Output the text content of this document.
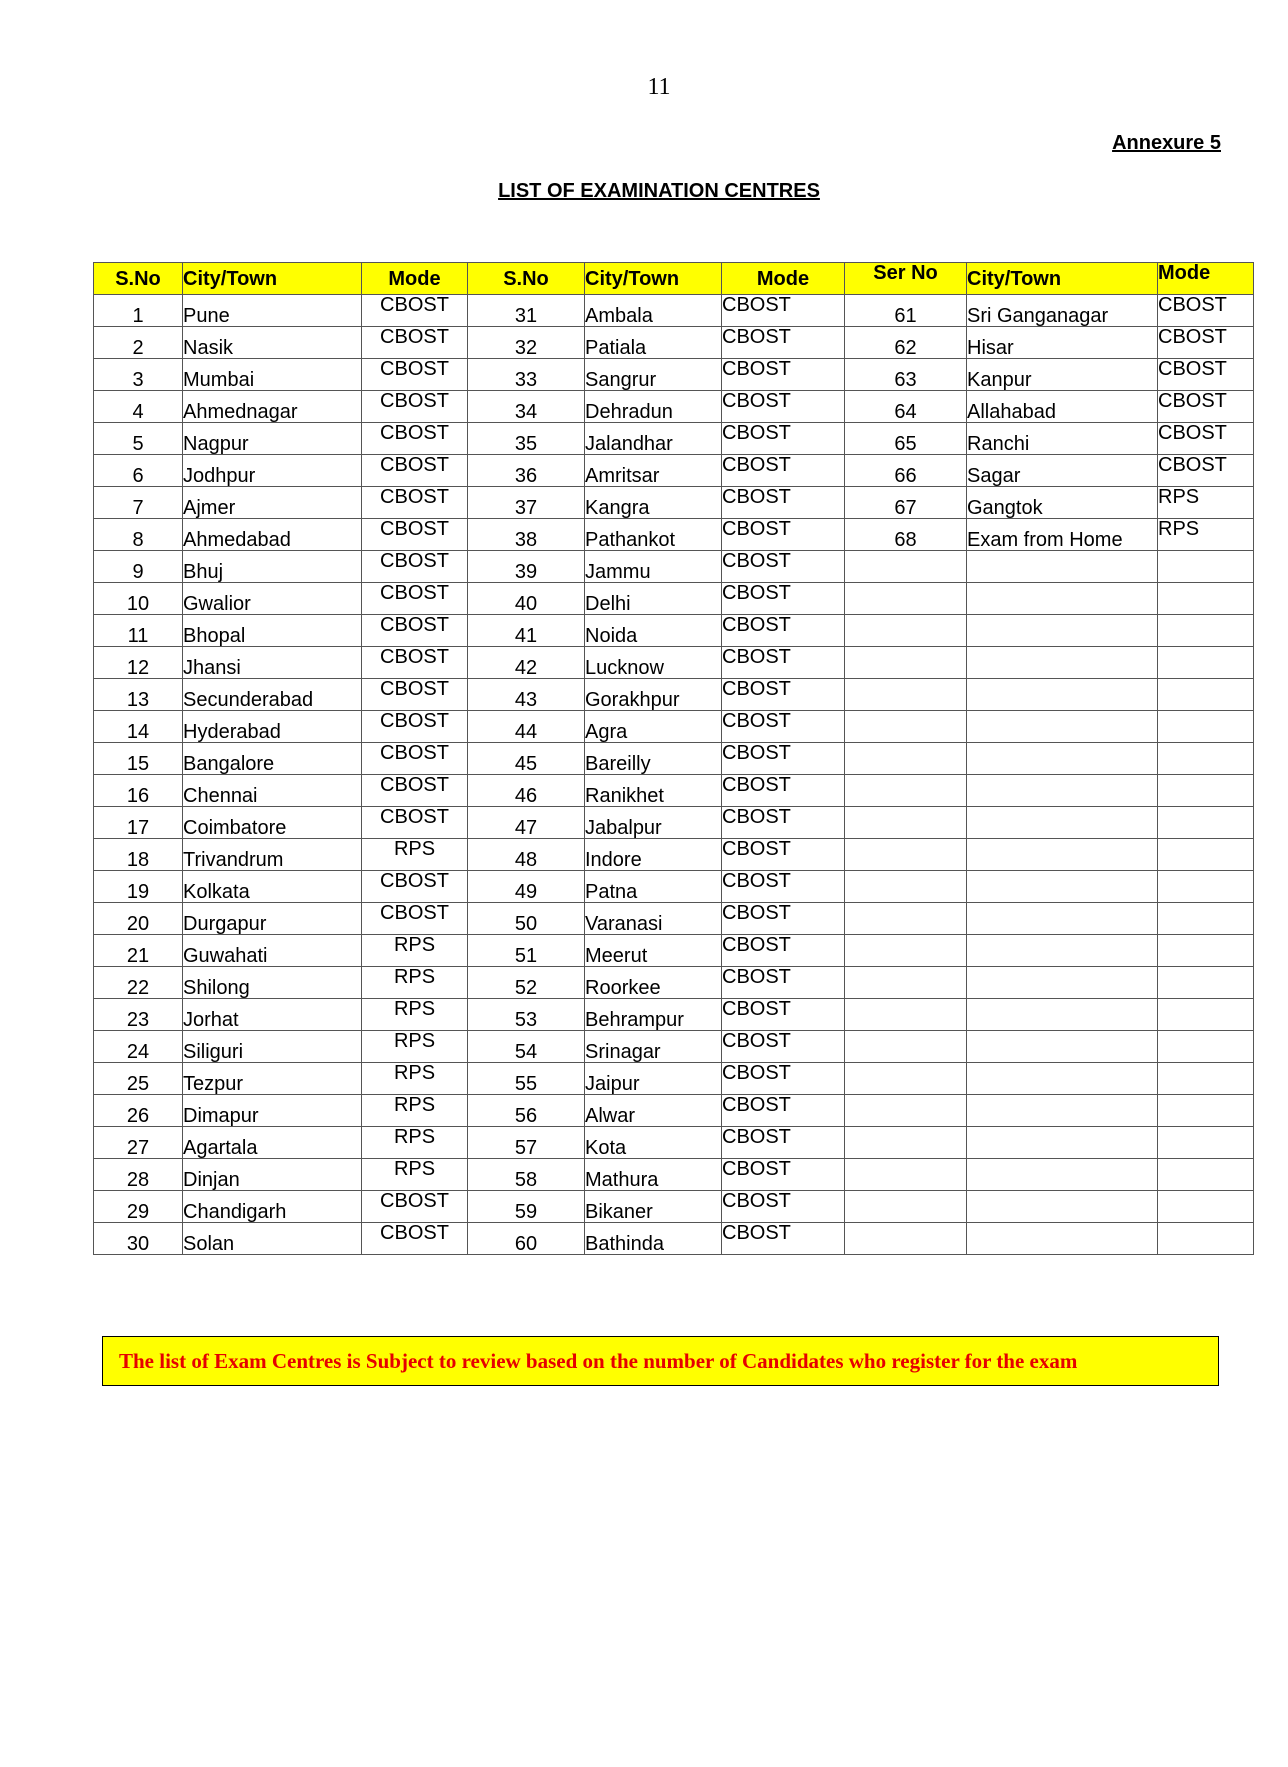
11
Annexure 5
LIST OF EXAMINATION CENTRES
S.No	City/Town	Mode	S.No	City/Town	Mode	Ser No	City/Town	Mode
1	Pune	CBOST	31	Ambala	CBOST	61	Sri Ganganagar	CBOST
2	Nasik	CBOST	32	Patiala	CBOST	62	Hisar	CBOST
3	Mumbai	CBOST	33	Sangrur	CBOST	63	Kanpur	CBOST
4	Ahmednagar	CBOST	34	Dehradun	CBOST	64	Allahabad	CBOST
5	Nagpur	CBOST	35	Jalandhar	CBOST	65	Ranchi	CBOST
6	Jodhpur	CBOST	36	Amritsar	CBOST	66	Sagar	CBOST
7	Ajmer	CBOST	37	Kangra	CBOST	67	Gangtok	RPS
8	Ahmedabad	CBOST	38	Pathankot	CBOST	68	Exam from Home	RPS
9	Bhuj	CBOST	39	Jammu	CBOST			
10	Gwalior	CBOST	40	Delhi	CBOST			
11	Bhopal	CBOST	41	Noida	CBOST			
12	Jhansi	CBOST	42	Lucknow	CBOST			
13	Secunderabad	CBOST	43	Gorakhpur	CBOST			
14	Hyderabad	CBOST	44	Agra	CBOST			
15	Bangalore	CBOST	45	Bareilly	CBOST			
16	Chennai	CBOST	46	Ranikhet	CBOST			
17	Coimbatore	CBOST	47	Jabalpur	CBOST			
18	Trivandrum	RPS	48	Indore	CBOST			
19	Kolkata	CBOST	49	Patna	CBOST			
20	Durgapur	CBOST	50	Varanasi	CBOST			
21	Guwahati	RPS	51	Meerut	CBOST			
22	Shilong	RPS	52	Roorkee	CBOST			
23	Jorhat	RPS	53	Behrampur	CBOST			
24	Siliguri	RPS	54	Srinagar	CBOST			
25	Tezpur	RPS	55	Jaipur	CBOST			
26	Dimapur	RPS	56	Alwar	CBOST			
27	Agartala	RPS	57	Kota	CBOST			
28	Dinjan	RPS	58	Mathura	CBOST			
29	Chandigarh	CBOST	59	Bikaner	CBOST			
30	Solan	CBOST	60	Bathinda	CBOST			
The list of Exam Centres is Subject to review based on the number of Candidates who register for the exam
